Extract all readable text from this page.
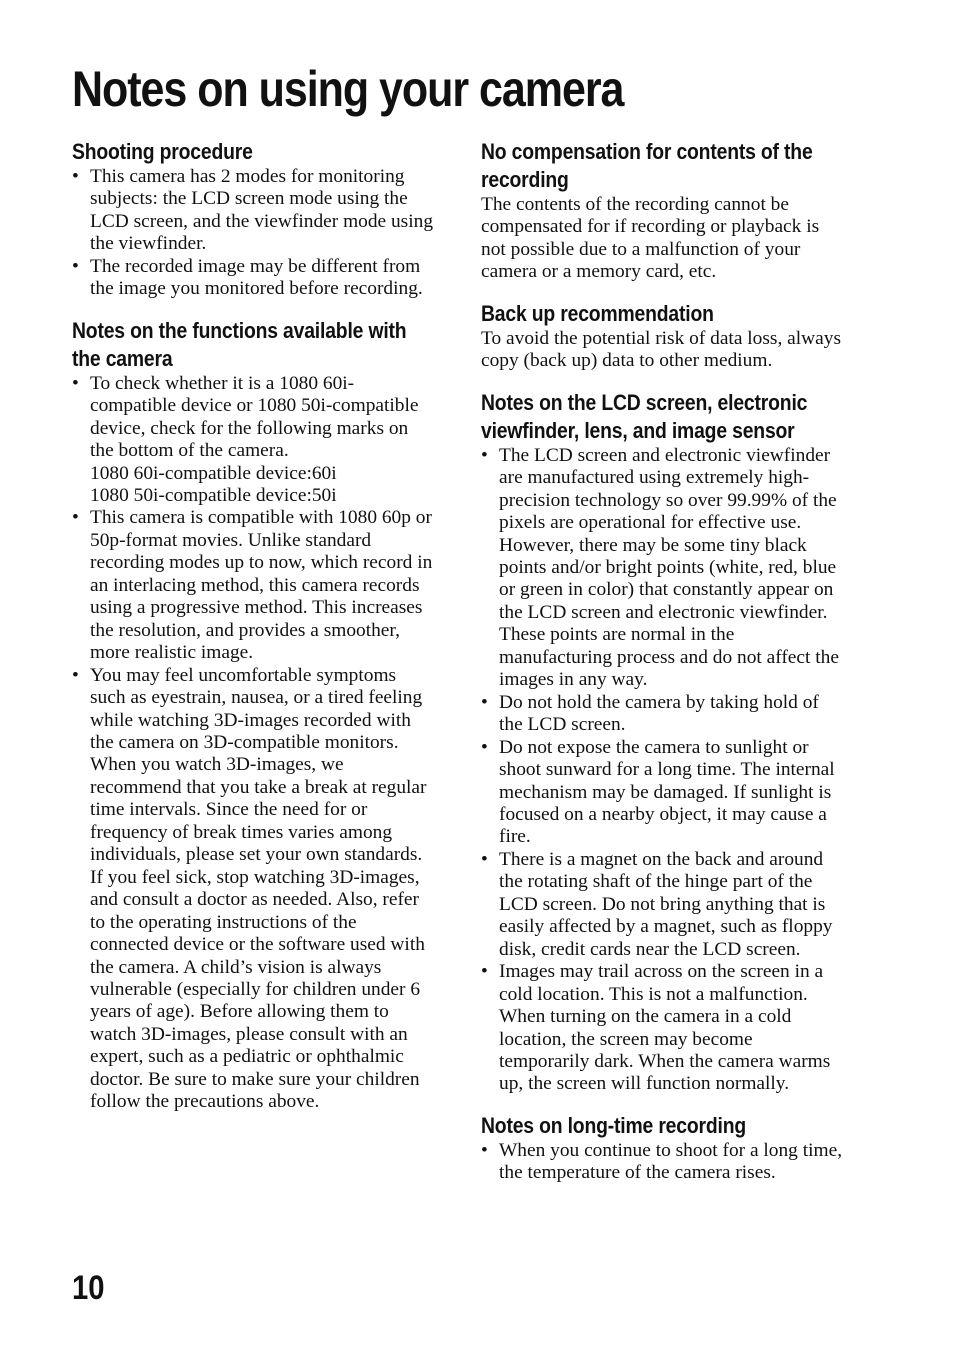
Notes on using your camera
Shooting procedure
• This camera has 2 modes for monitoring subjects: the LCD screen mode using the LCD screen, and the viewfinder mode using the viewfinder.
• The recorded image may be different from the image you monitored before recording.
Notes on the functions available with the camera
• To check whether it is a 1080 60i-compatible device or 1080 50i-compatible device, check for the following marks on the bottom of the camera.
1080 60i-compatible device:60i
1080 50i-compatible device:50i
• This camera is compatible with 1080 60p or 50p-format movies. Unlike standard recording modes up to now, which record in an interlacing method, this camera records using a progressive method. This increases the resolution, and provides a smoother, more realistic image.
• You may feel uncomfortable symptoms such as eyestrain, nausea, or a tired feeling while watching 3D-images recorded with the camera on 3D-compatible monitors. When you watch 3D-images, we recommend that you take a break at regular time intervals. Since the need for or frequency of break times varies among individuals, please set your own standards. If you feel sick, stop watching 3D-images, and consult a doctor as needed. Also, refer to the operating instructions of the connected device or the software used with the camera. A child’s vision is always vulnerable (especially for children under 6 years of age). Before allowing them to watch 3D-images, please consult with an expert, such as a pediatric or ophthalmic doctor. Be sure to make sure your children follow the precautions above.
No compensation for contents of the recording

The contents of the recording cannot be compensated for if recording or playback is not possible due to a malfunction of your camera or a memory card, etc.

Back up recommendation

To avoid the potential risk of data loss, always copy (back up) data to other medium.

Notes on the LCD screen, electronic viewfinder, lens, and image sensor
• The LCD screen and electronic viewfinder are manufactured using extremely high-precision technology so over 99.99% of the pixels are operational for effective use. However, there may be some tiny black points and/or bright points (white, red, blue or green in color) that constantly appear on the LCD screen and electronic viewfinder. These points are normal in the manufacturing process and do not affect the images in any way.
• Do not hold the camera by taking hold of the LCD screen.
• Do not expose the camera to sunlight or shoot sunward for a long time. The internal mechanism may be damaged. If sunlight is focused on a nearby object, it may cause a fire.
• There is a magnet on the back and around the rotating shaft of the hinge part of the LCD screen. Do not bring anything that is easily affected by a magnet, such as floppy disk, credit cards near the LCD screen.
• Images may trail across on the screen in a cold location. This is not a malfunction. When turning on the camera in a cold location, the screen may become temporarily dark. When the camera warms up, the screen will function normally.
Notes on long-time recording
• When you continue to shoot for a long time, the temperature of the camera rises.
10
